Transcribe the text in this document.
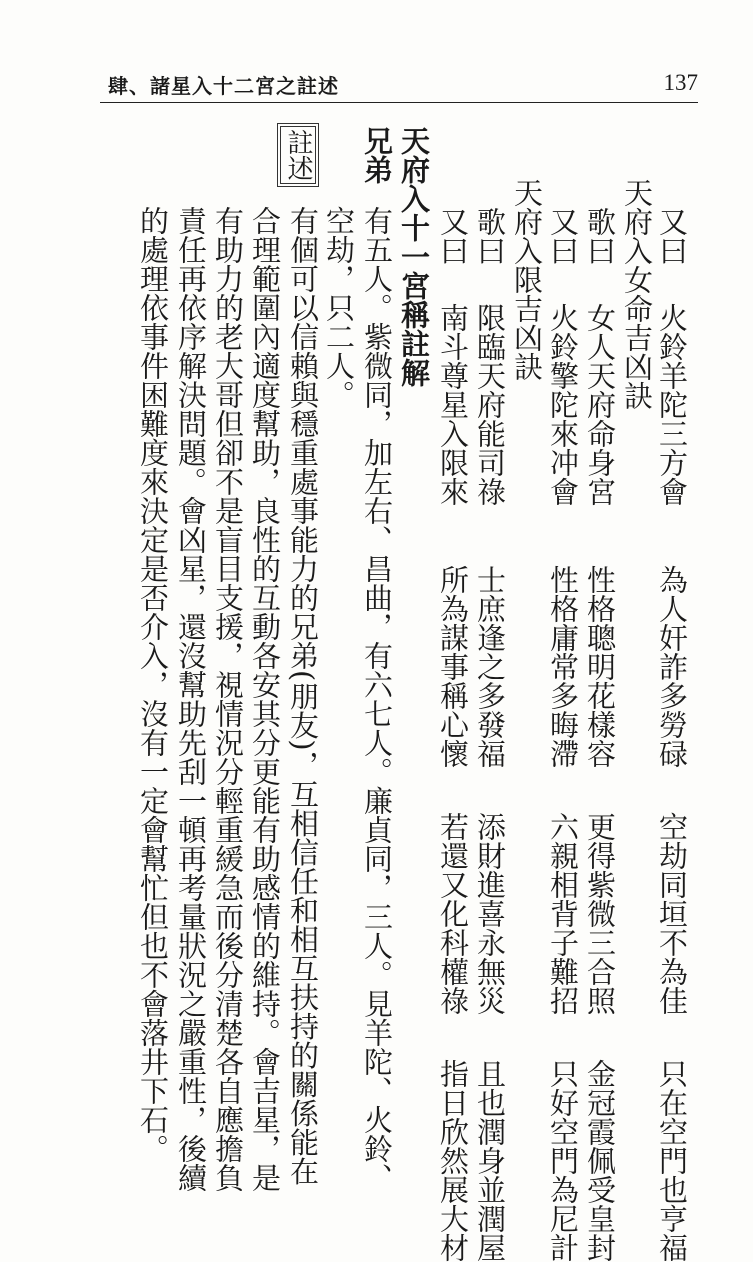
肆、諸星入十二宮之註述	137
又曰火鈴羊陀三方會為人奸詐多勞碌空劫同垣不為佳只在空門也亨福
天府入女命吉凶訣
歌曰女人天府命身宮性格聰明花樣容更得紫微三合照金冠霞佩受皇封
又曰火鈴擎陀來冲會性格庸常多晦滯六親相背子難招只好空門為尼計
天府入限吉凶訣
歌曰限臨天府能司祿士庶逢之多發福添財進喜永無災且也潤身並潤屋
又曰南斗尊星入限來所為謀事稱心懷若還又化科權祿指日欣然展大材
天府入十一宮稱註解
兄弟有五人。紫微同，加左右、昌曲，有六七人。廉貞同，三人。見羊陀、火鈴、
空劫，只二人。
註述
有個可以信賴與穩重處事能力的兄弟(朋友)，互相信任和相互扶持的關係能在
合理範圍內適度幫助，良性的互動各安其分更能有助感情的維持。會吉星，是
有助力的老大哥但卻不是盲目支援，視情況分輕重緩急而後分清楚各自應擔負
責任再依序解決問題。會凶星，還沒幫助先刮一頓再考量狀況之嚴重性，後續
的處理依事件困難度來決定是否介入，沒有一定會幫忙但也不會落井下石。
